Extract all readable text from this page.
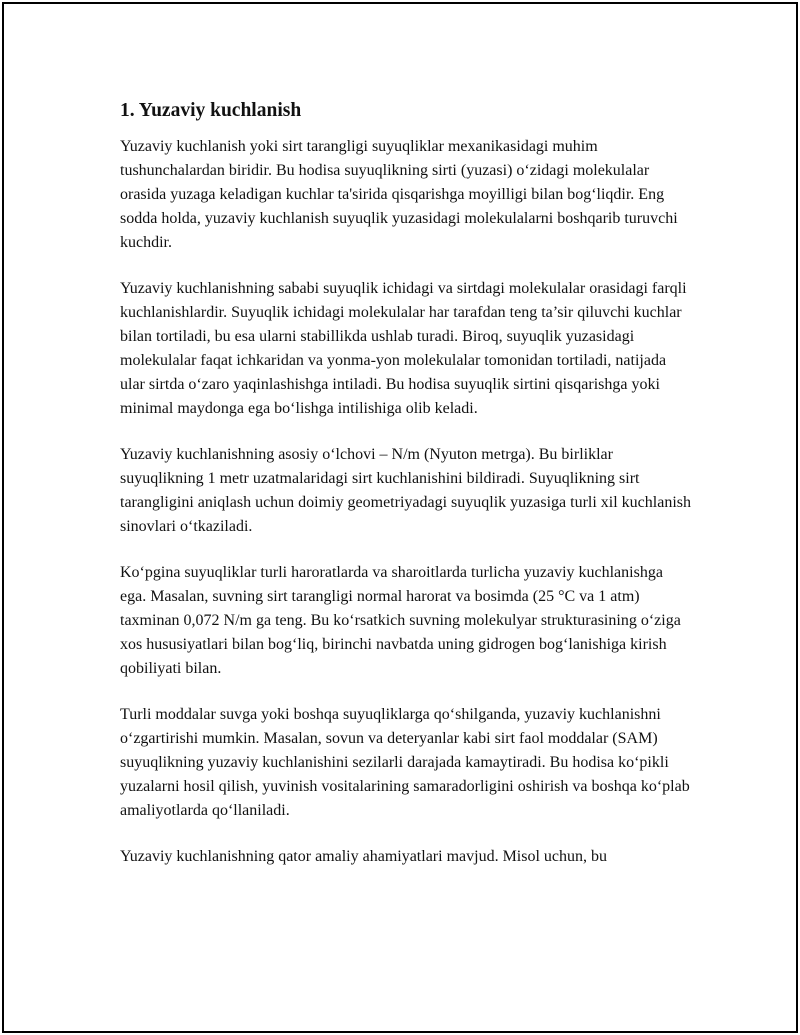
1. Yuzaviy kuchlanish

Yuzaviy kuchlanish yoki sirt tarangligi suyuqliklar mexanikasidagi muhim tushunchalardan biridir. Bu hodisa suyuqlikning sirti (yuzasi) o‘zidagi molekulalar orasida yuzaga keladigan kuchlar ta'sirida qisqarishga moyilligi bilan bog‘liqdir. Eng sodda holda, yuzaviy kuchlanish suyuqlik yuzasidagi molekulalarni boshqarib turuvchi kuchdir.

Yuzaviy kuchlanishning sababi suyuqlik ichidagi va sirtdagi molekulalar orasidagi farqli kuchlanishlardir. Suyuqlik ichidagi molekulalar har tarafdan teng ta’sir qiluvchi kuchlar bilan tortiladi, bu esa ularni stabillikda ushlab turadi. Biroq, suyuqlik yuzasidagi molekulalar faqat ichkaridan va yonma-yon molekulalar tomonidan tortiladi, natijada ular sirtda o‘zaro yaqinlashishga intiladi. Bu hodisa suyuqlik sirtini qisqarishga yoki minimal maydonga ega bo‘lishga intilishiga olib keladi.

Yuzaviy kuchlanishning asosiy o‘lchovi – N/m (Nyuton metrga). Bu birliklar suyuqlikning 1 metr uzatmalaridagi sirt kuchlanishini bildiradi. Suyuqlikning sirt tarangligini aniqlash uchun doimiy geometriyadagi suyuqlik yuzasiga turli xil kuchlanish sinovlari o‘tkaziladi.

Ko‘pgina suyuqliklar turli haroratlarda va sharoitlarda turlicha yuzaviy kuchlanishga ega. Masalan, suvning sirt tarangligi normal harorat va bosimda (25 °C va 1 atm) taxminan 0,072 N/m ga teng. Bu ko‘rsatkich suvning molekulyar strukturasining o‘ziga xos hususiyatlari bilan bog‘liq, birinchi navbatda uning gidrogen bog‘lanishiga kirish qobiliyati bilan.

Turli moddalar suvga yoki boshqa suyuqliklarga qo‘shilganda, yuzaviy kuchlanishni o‘zgartirishi mumkin. Masalan, sovun va deteryanlar kabi sirt faol moddalar (SAM) suyuqlikning yuzaviy kuchlanishini sezilarli darajada kamaytiradi. Bu hodisa ko‘pikli yuzalarni hosil qilish, yuvinish vositalarining samaradorligini oshirish va boshqa ko‘plab amaliyotlarda qo‘llaniladi.

Yuzaviy kuchlanishning qator amaliy ahamiyatlari mavjud. Misol uchun, bu
